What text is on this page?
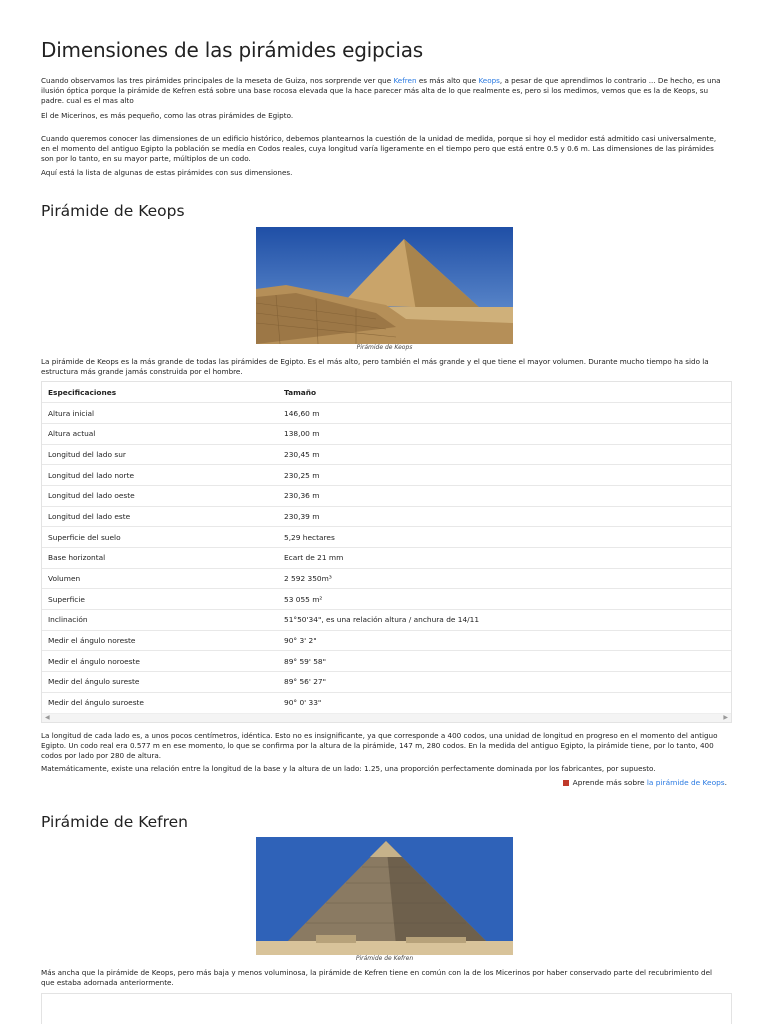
Dimensiones de las pirámides egipcias

Cuando observamos las tres pirámides principales de la meseta de Guiza, nos sorprende ver que Kefren es más alto que Keops, a pesar de que aprendimos lo contrario ... De hecho, es una ilusión óptica porque la pirámide de Kefren está sobre una base rocosa elevada que la hace parecer más alta de lo que realmente es, pero si los medimos, vemos que es la de Keops, su padre. cual es el mas alto

El de Micerinos, es más pequeño, como las otras pirámides de Egipto.

Cuando queremos conocer las dimensiones de un edificio histórico, debemos plantearnos la cuestión de la unidad de medida, porque si hoy el medidor está admitido casi universalmente, en el momento del antiguo Egipto la población se medía en Codos reales, cuya longitud varía ligeramente en el tiempo pero que está entre 0.5 y 0.6 m. Las dimensiones de las pirámides son por lo tanto, en su mayor parte, múltiplos de un codo.

Aquí está la lista de algunas de estas pirámides con sus dimensiones.

Pirámide de Keops
Pirámide de Keops

La pirámide de Keops es la más grande de todas las pirámides de Egipto. Es el más alto, pero también el más grande y el que tiene el mayor volumen. Durante mucho tiempo ha sido la estructura más grande jamás construida por el hombre.

Especificaciones	Tamaño
Altura inicial	146,60 m
Altura actual	138,00 m
Longitud del lado sur	230,45 m
Longitud del lado norte	230,25 m
Longitud del lado oeste	230,36 m
Longitud del lado este	230,39 m
Superficie del suelo	5,29 hectares
Base horizontal	Ecart de 21 mm
Volumen	2 592 350m³
Superficie	53 055 m²
Inclinación	51°50'34", es una relación altura / anchura de 14/11
Medir el ángulo noreste	90° 3' 2"
Medir el ángulo noroeste	89° 59' 58"
Medir del ángulo sureste	89° 56' 27"
Medir del ángulo suroeste	90° 0' 33"
◀	▶

La longitud de cada lado es, a unos pocos centímetros, idéntica. Esto no es insignificante, ya que corresponde a 400 codos, una unidad de longitud en progreso en el momento del antiguo Egipto. Un codo real era 0.577 m en ese momento, lo que se confirma por la altura de la pirámide, 147 m, 280 codos. En la medida del antiguo Egipto, la pirámide tiene, por lo tanto, 400 codos por lado por 280 de altura.

Matemáticamente, existe una relación entre la longitud de la base y la altura de un lado: 1.25, una proporción perfectamente dominada por los fabricantes, por supuesto.

Aprende más sobre la pirámide de Keops.
Pirámide de Kefren
Pirámide de Kefren

Más ancha que la pirámide de Keops, pero más baja y menos voluminosa, la pirámide de Kefren tiene en común con la de los Micerinos por haber conservado parte del recubrimiento del que estaba adornada anteriormente.
